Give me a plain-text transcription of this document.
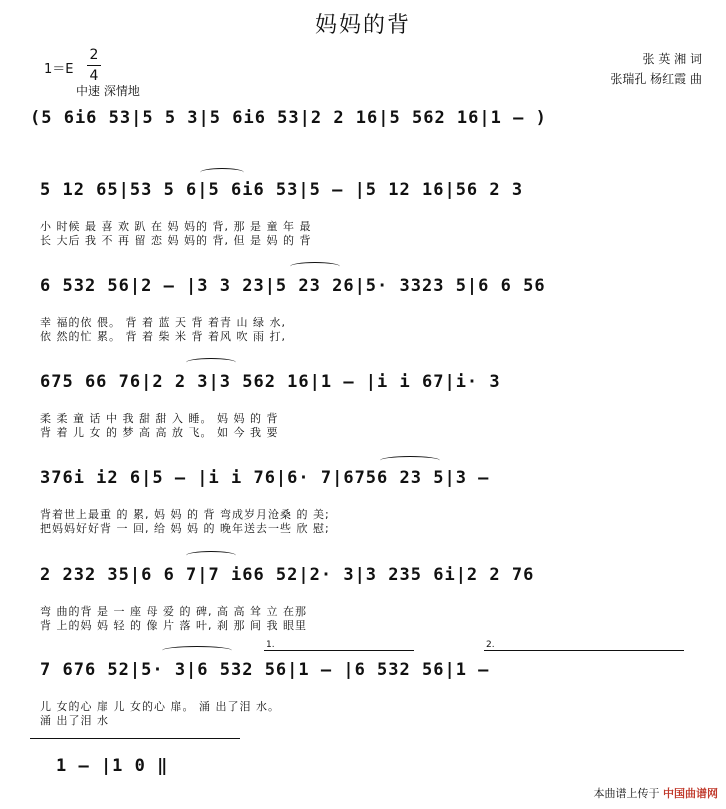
妈妈的背
1＝E
2
4
中速 深情地
张 英 湘 词
张瑞孔 杨红霞 曲
(5 6i6 53|5 5 3|5 6i6 53|2 2 16|5 562 16|1 – )
5 12 65|53 5 6|5 6i6 53|5 – |5 12 16|56 2 3
小 时候 最 喜 欢 趴 在 妈 妈的 背, 那 是 童 年 最
长 大后 我 不 再 留 恋 妈 妈的 背, 但 是 妈 的 背
6 532 56|2 – |3 3 23|5 23 26|5· 3323 5|6 6 56
幸 福的依 偎。 背 着 蓝 天 背 着青 山 绿 水,
依 然的忙 累。 背 着 柴 米 背 着风 吹 雨 打,
675 66 76|2 2 3|3 562 16|1 – |i i 67|i· 3
柔 柔 童 话 中 我 甜 甜 入 睡。 妈 妈 的 背
背 着 儿 女 的 梦 高 高 放 飞。 如 今 我 要
376i i2 6|5 – |i i 76|6· 7|6756 23 5|3 –
背着世上最重 的 累, 妈 妈 的 背 弯成岁月沧桑 的 美;
把妈妈好好背 一 回, 给 妈 妈 的 晚年送去一些 欣 慰;
2 232 35|6 6 7|7 i66 52|2· 3|3 235 6i|2 2 76
弯 曲的背 是 一 座 母 爱 的 碑, 高 高 耸 立 在那
背 上的妈 妈 轻 的 像 片 落 叶, 刹 那 间 我 眼里
1.	2.
7 676 52|5· 3|6 532 56|1 – |6 532 56|1 –
儿 女的心 扉 儿 女的心 扉。 涌 出了泪 水。
涌 出了泪 水
1 – |1 0 ‖
本曲谱上传于 中国曲谱网
